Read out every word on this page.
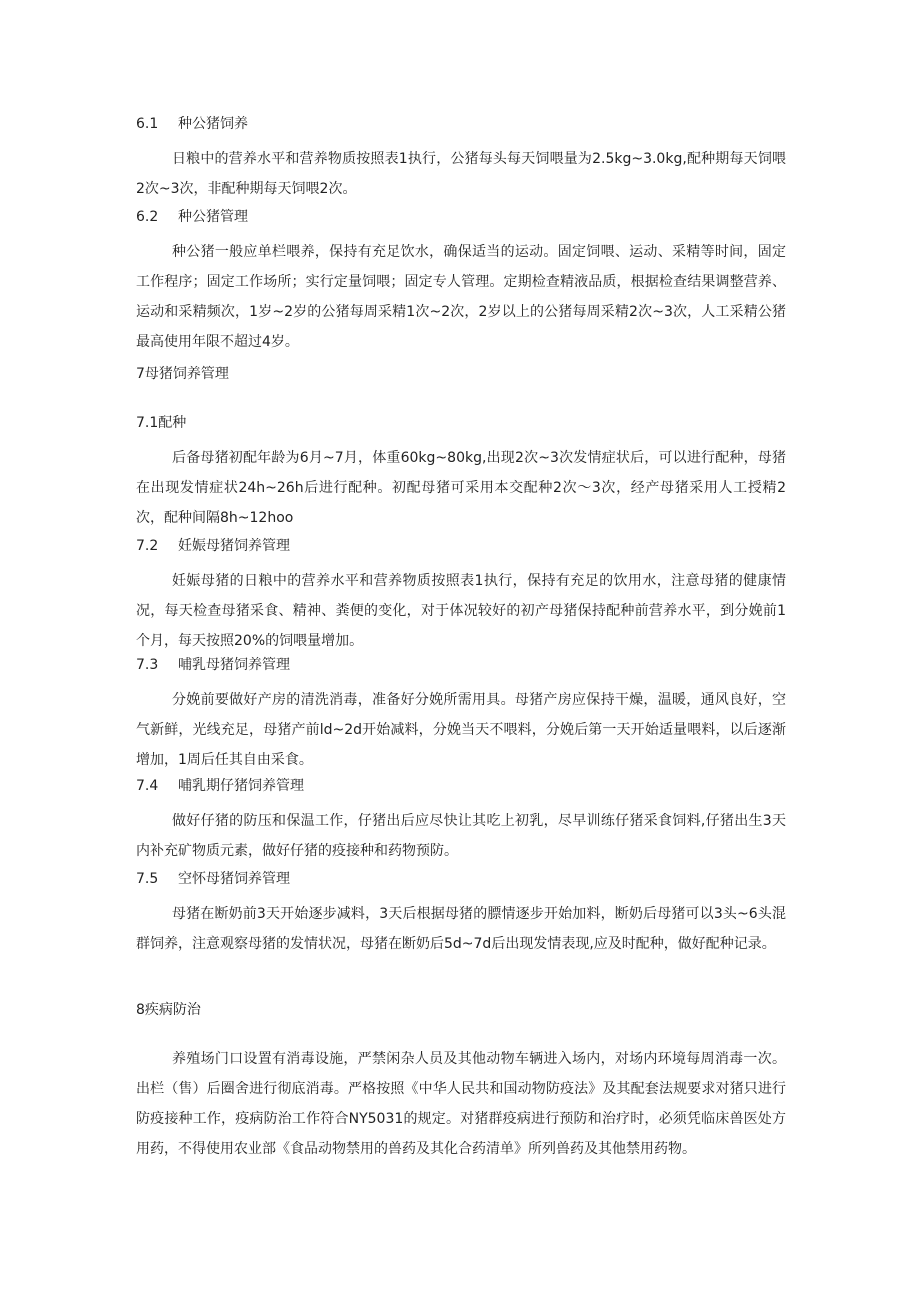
6.1 种公猪饲养
日粮中的营养水平和营养物质按照表1执行，公猪每头每天饲喂量为2.5kg~3.0kg,配种期每天饲喂2次~3次，非配种期每天饲喂2次。
6.2 种公猪管理
种公猪一般应单栏喂养，保持有充足饮水，确保适当的运动。固定饲喂、运动、采精等时间，固定工作程序；固定工作场所；实行定量饲喂；固定专人管理。定期检查精液品质，根据检查结果调整营养、运动和采精频次，1岁~2岁的公猪每周采精1次~2次，2岁以上的公猪每周采精2次~3次，人工采精公猪最高使用年限不超过4岁。
7母猪饲养管理
7.1配种
后备母猪初配年龄为6月~7月，体重60kg~80kg,出现2次~3次发情症状后，可以进行配种，母猪在出现发情症状24h~26h后进行配种。初配母猪可采用本交配种2次～3次，经产母猪采用人工授精2次，配种间隔8h~12hoo
7.2 妊娠母猪饲养管理
妊娠母猪的日粮中的营养水平和营养物质按照表1执行，保持有充足的饮用水，注意母猪的健康情况，每天检查母猪采食、精神、粪便的变化，对于体况较好的初产母猪保持配种前营养水平，到分娩前1个月，每天按照20%的饲喂量增加。
7.3 哺乳母猪饲养管理
分娩前要做好产房的清洗消毒，准备好分娩所需用具。母猪产房应保持干燥，温暖，通风良好，空气新鲜，光线充足，母猪产前ld~2d开始减料，分娩当天不喂料，分娩后第一天开始适量喂料，以后逐渐增加，1周后任其自由采食。
7.4 哺乳期仔猪饲养管理
做好仔猪的防压和保温工作，仔猪出后应尽快让其吃上初乳，尽早训练仔猪采食饲料,仔猪出生3天内补充矿物质元素，做好仔猪的疫接种和药物预防。
7.5 空怀母猪饲养管理
母猪在断奶前3天开始逐步减料，3天后根据母猪的膘情逐步开始加料，断奶后母猪可以3头~6头混群饲养，注意观察母猪的发情状况，母猪在断奶后5d~7d后出现发情表现,应及时配种，做好配种记录。
8疾病防治
养殖场门口设置有消毒设施，严禁闲杂人员及其他动物车辆进入场内，对场内环境每周消毒一次。出栏（售）后圈舍进行彻底消毒。严格按照《中华人民共和国动物防疫法》及其配套法规要求对猪只进行防疫接种工作，疫病防治工作符合NY5031的规定。对猪群疫病进行预防和治疗时，必须凭临床兽医处方用药，不得使用农业部《食品动物禁用的兽药及其化合药清单》所列兽药及其他禁用药物。
